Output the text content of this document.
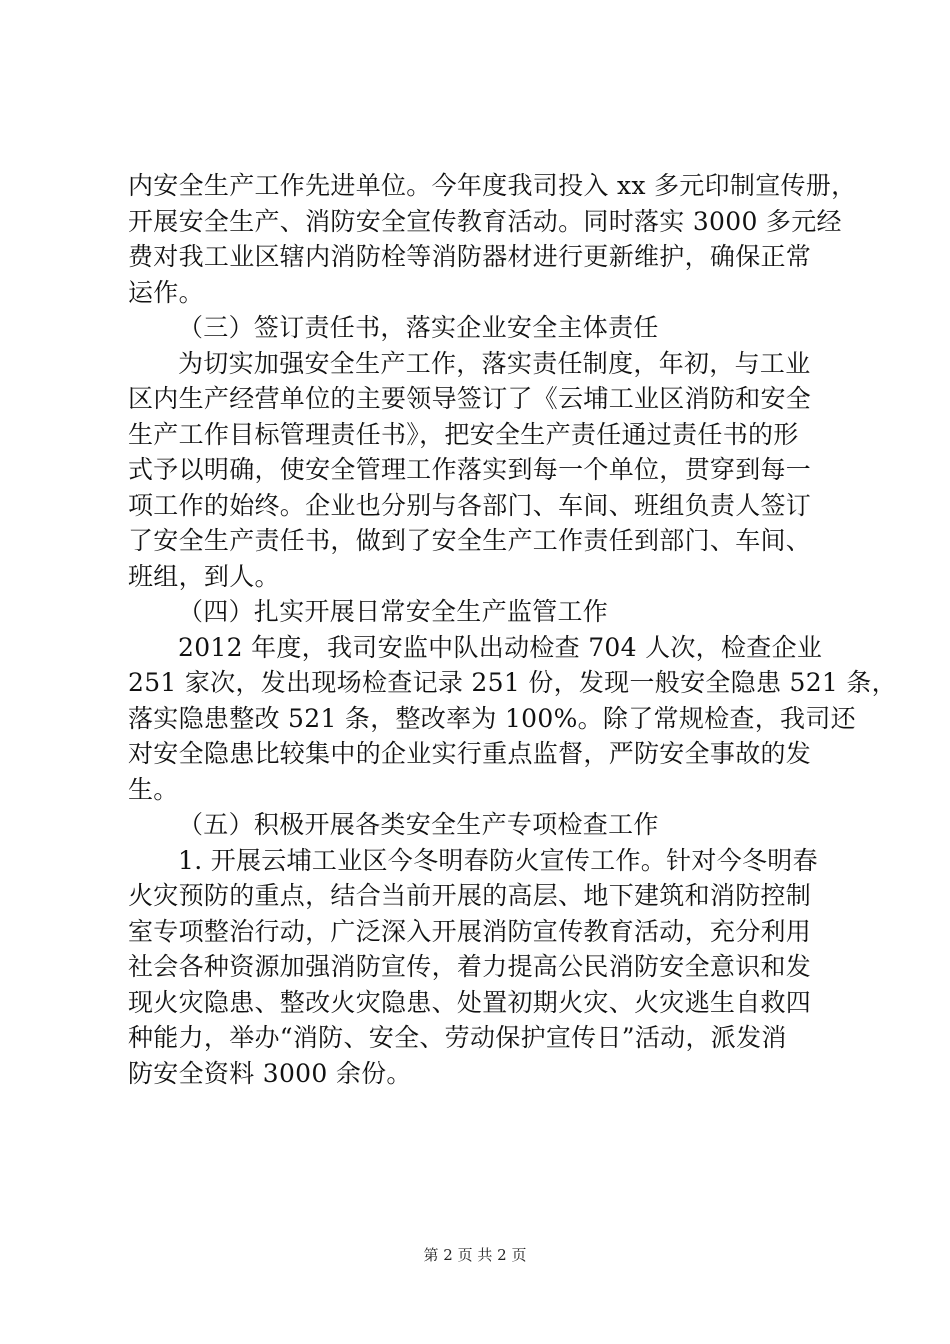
内安全生产工作先进单位。今年度我司投入 xx 多元印制宣传册，
开展安全生产、消防安全宣传教育活动。同时落实 3000 多元经
费对我工业区辖内消防栓等消防器材进行更新维护，确保正常
运作。
（三）签订责任书，落实企业安全主体责任
为切实加强安全生产工作，落实责任制度，年初，与工业
区内生产经营单位的主要领导签订了《云埔工业区消防和安全
生产工作目标管理责任书》，把安全生产责任通过责任书的形
式予以明确，使安全管理工作落实到每一个单位，贯穿到每一
项工作的始终。企业也分别与各部门、车间、班组负责人签订
了安全生产责任书，做到了安全生产工作责任到部门、车间、
班组，到人。
（四）扎实开展日常安全生产监管工作
2012 年度，我司安监中队出动检查 704 人次，检查企业
251 家次，发出现场检查记录 251 份，发现一般安全隐患 521 条，
落实隐患整改 521 条，整改率为 100%。除了常规检查，我司还
对安全隐患比较集中的企业实行重点监督，严防安全事故的发
生。
（五）积极开展各类安全生产专项检查工作
1. 开展云埔工业区今冬明春防火宣传工作。针对今冬明春
火灾预防的重点，结合当前开展的高层、地下建筑和消防控制
室专项整治行动，广泛深入开展消防宣传教育活动，充分利用
社会各种资源加强消防宣传，着力提高公民消防安全意识和发
现火灾隐患、整改火灾隐患、处置初期火灾、火灾逃生自救四
种能力，举办“消防、安全、劳动保护宣传日”活动，派发消
防安全资料 3000 余份。
第 2 页 共 2 页
